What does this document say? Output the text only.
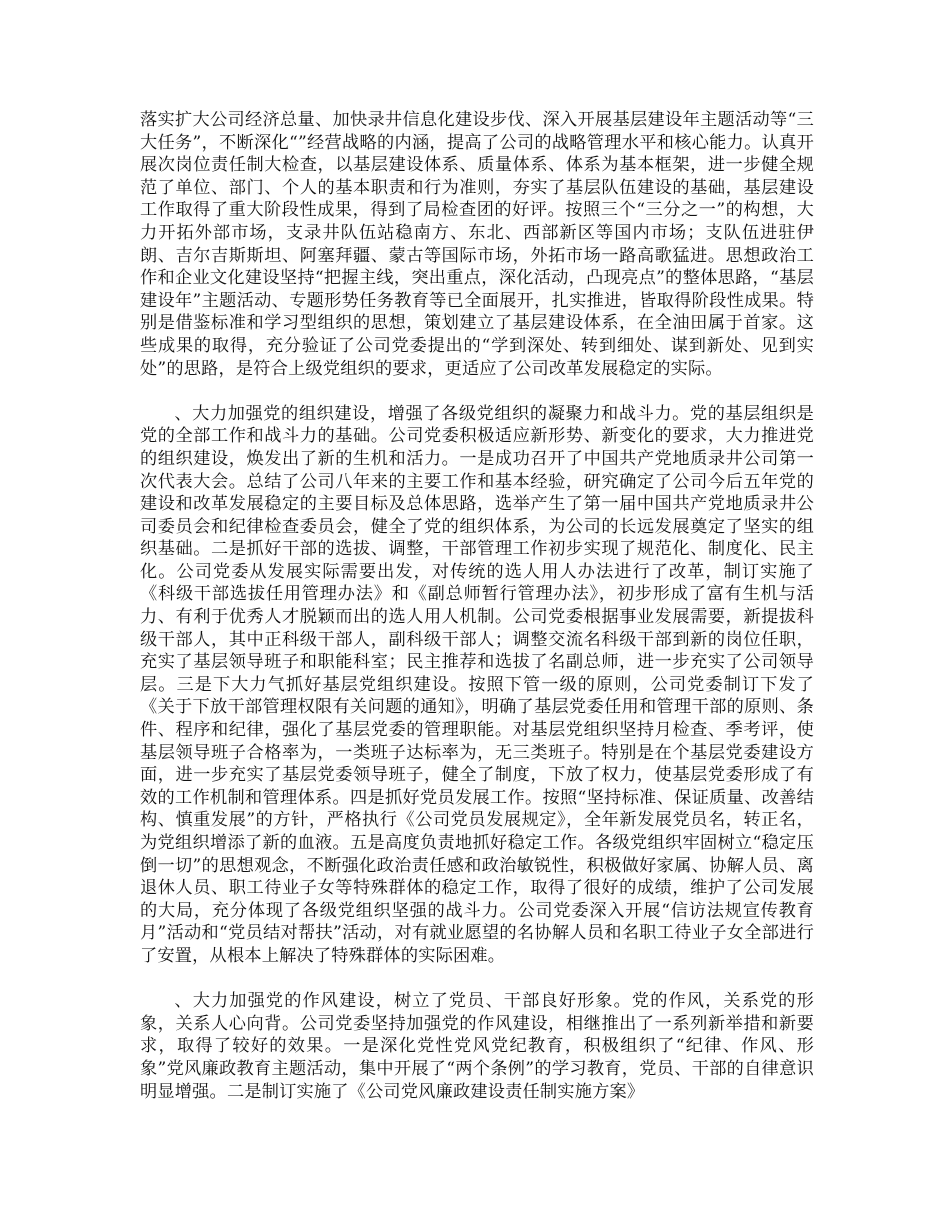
落实扩大公司经济总量、加快录井信息化建设步伐、深入开展基层建设年主题活动等“三大任务”，不断深化“”经营战略的内涵，提高了公司的战略管理水平和核心能力。认真开展次岗位责任制大检查，以基层建设体系、质量体系、体系为基本框架，进一步健全规范了单位、部门、个人的基本职责和行为准则，夯实了基层队伍建设的基础，基层建设工作取得了重大阶段性成果，得到了局检查团的好评。按照三个“三分之一”的构想，大力开拓外部市场，支录井队伍站稳南方、东北、西部新区等国内市场；支队伍进驻伊朗、吉尔吉斯斯坦、阿塞拜疆、蒙古等国际市场，外拓市场一路高歌猛进。思想政治工作和企业文化建设坚持“把握主线，突出重点，深化活动，凸现亮点”的整体思路，“基层建设年”主题活动、专题形势任务教育等已全面展开，扎实推进，皆取得阶段性成果。特别是借鉴标准和学习型组织的思想，策划建立了基层建设体系，在全油田属于首家。这些成果的取得，充分验证了公司党委提出的“学到深处、转到细处、谋到新处、见到实处”的思路，是符合上级党组织的要求，更适应了公司改革发展稳定的实际。

、大力加强党的组织建设，增强了各级党组织的凝聚力和战斗力。党的基层组织是党的全部工作和战斗力的基础。公司党委积极适应新形势、新变化的要求，大力推进党的组织建设，焕发出了新的生机和活力。一是成功召开了中国共产党地质录井公司第一次代表大会。总结了公司八年来的主要工作和基本经验，研究确定了公司今后五年党的建设和改革发展稳定的主要目标及总体思路，选举产生了第一届中国共产党地质录井公司委员会和纪律检查委员会，健全了党的组织体系，为公司的长远发展奠定了坚实的组织基础。二是抓好干部的选拔、调整，干部管理工作初步实现了规范化、制度化、民主化。公司党委从发展实际需要出发，对传统的选人用人办法进行了改革，制订实施了《科级干部选拔任用管理办法》和《副总师暂行管理办法》，初步形成了富有生机与活力、有利于优秀人才脱颖而出的选人用人机制。公司党委根据事业发展需要，新提拔科级干部人，其中正科级干部人，副科级干部人；调整交流名科级干部到新的岗位任职，充实了基层领导班子和职能科室；民主推荐和选拔了名副总师，进一步充实了公司领导层。三是下大力气抓好基层党组织建设。按照下管一级的原则，公司党委制订下发了《关于下放干部管理权限有关问题的通知》，明确了基层党委任用和管理干部的原则、条件、程序和纪律，强化了基层党委的管理职能。对基层党组织坚持月检查、季考评，使基层领导班子合格率为，一类班子达标率为，无三类班子。特别是在个基层党委建设方面，进一步充实了基层党委领导班子，健全了制度，下放了权力，使基层党委形成了有效的工作机制和管理体系。四是抓好党员发展工作。按照“坚持标准、保证质量、改善结构、慎重发展”的方针，严格执行《公司党员发展规定》，全年新发展党员名，转正名，为党组织增添了新的血液。五是高度负责地抓好稳定工作。各级党组织牢固树立“稳定压倒一切”的思想观念，不断强化政治责任感和政治敏锐性，积极做好家属、协解人员、离退休人员、职工待业子女等特殊群体的稳定工作，取得了很好的成绩，维护了公司发展的大局，充分体现了各级党组织坚强的战斗力。公司党委深入开展“信访法规宣传教育月”活动和“党员结对帮扶”活动，对有就业愿望的名协解人员和名职工待业子女全部进行了安置，从根本上解决了特殊群体的实际困难。

、大力加强党的作风建设，树立了党员、干部良好形象。党的作风，关系党的形象，关系人心向背。公司党委坚持加强党的作风建设，相继推出了一系列新举措和新要求，取得了较好的效果。一是深化党性党风党纪教育，积极组织了“纪律、作风、形象”党风廉政教育主题活动，集中开展了“两个条例”的学习教育，党员、干部的自律意识明显增强。二是制订实施了《公司党风廉政建设责任制实施方案》
